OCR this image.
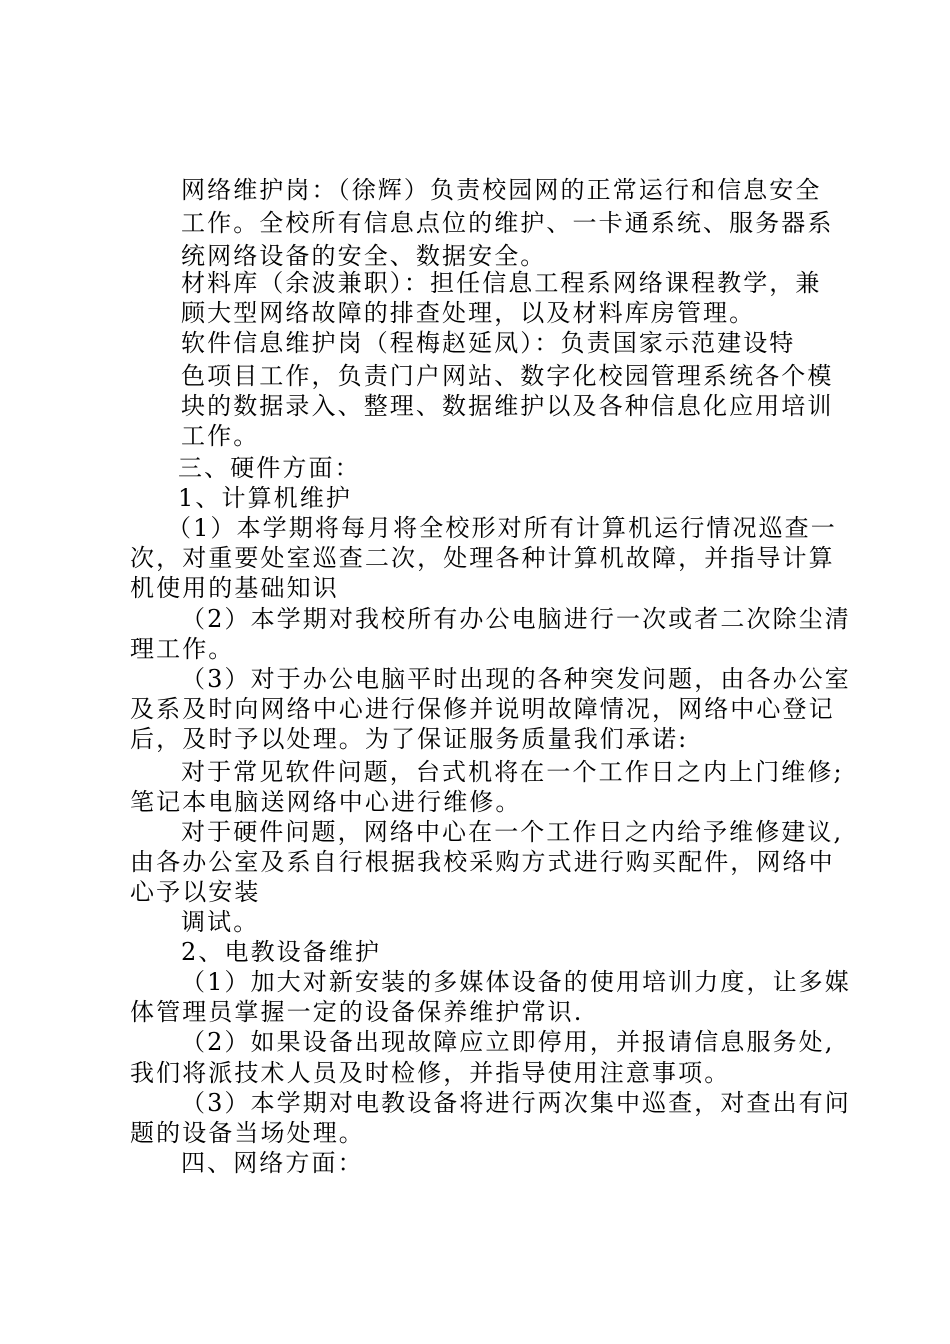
网络维护岗：（徐辉）负责校园网的正常运行和信息安全
工作。全校所有信息点位的维护、一卡通系统、服务器系
统网络设备的安全、数据安全。
材料库（余波兼职）：担任信息工程系网络课程教学，兼
顾大型网络故障的排查处理，以及材料库房管理。
软件信息维护岗（程梅赵延凤）：负责国家示范建设特
色项目工作，负责门户网站、数字化校园管理系统各个模
块的数据录入、整理、数据维护以及各种信息化应用培训
工作。
三、硬件方面：
1、计算机维护
（1）本学期将每月将全校形对所有计算机运行情况巡查一
次，对重要处室巡查二次，处理各种计算机故障，并指导计算
机使用的基础知识
（2）本学期对我校所有办公电脑进行一次或者二次除尘清
理工作。
（3）对于办公电脑平时出现的各种突发问题，由各办公室
及系及时向网络中心进行保修并说明故障情况，网络中心登记
后，及时予以处理。为了保证服务质量我们承诺:
对于常见软件问题，台式机将在一个工作日之内上门维修;
笔记本电脑送网络中心进行维修。
对于硬件问题，网络中心在一个工作日之内给予维修建议,
由各办公室及系自行根据我校采购方式进行购买配件，网络中
心予以安装
调试。
2、电教设备维护
（1）加大对新安装的多媒体设备的使用培训力度，让多媒
体管理员掌握一定的设备保养维护常识.
（2）如果设备出现故障应立即停用，并报请信息服务处,
我们将派技术人员及时检修，并指导使用注意事项。
（3）本学期对电教设备将进行两次集中巡查，对查出有问
题的设备当场处理。
四、网络方面：
